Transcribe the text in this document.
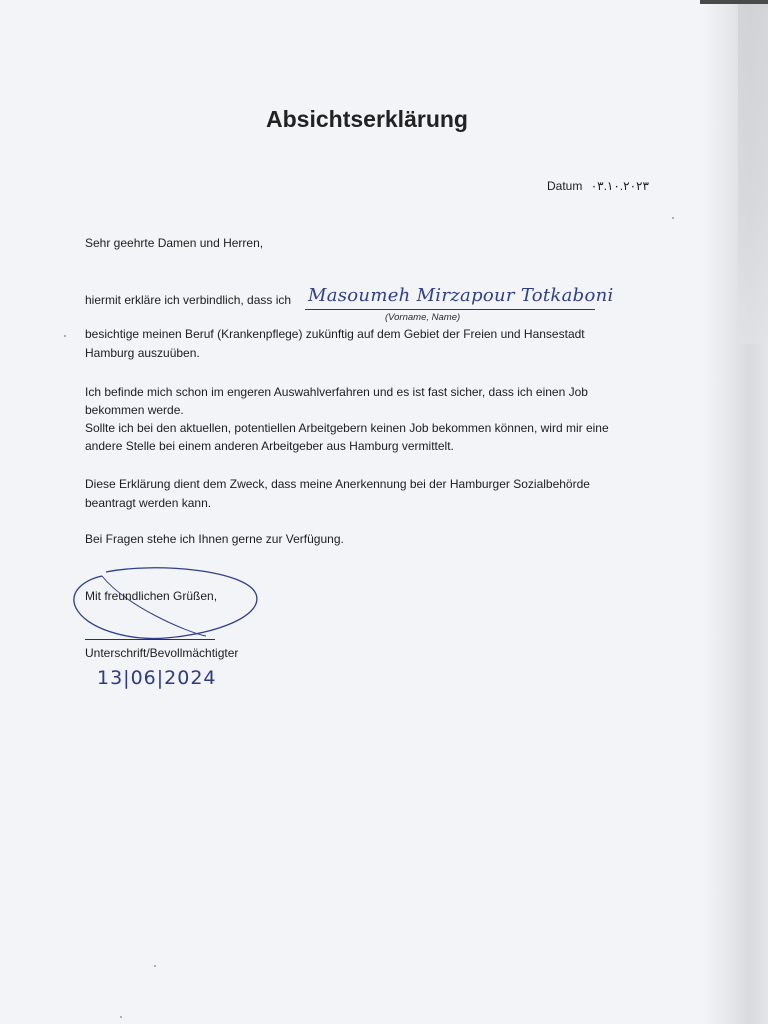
Absichtserklärung
Datum ٠٣.١٠.٢٠٢٣
Sehr geehrte Damen und Herren,
hiermit erkläre ich verbindlich, dass ich Masoumeh Mirzapour Totkaboni
(Vorname, Name)
besichtige meinen Beruf (Krankenpflege) zukünftig auf dem Gebiet der Freien und Hansestadt
Hamburg auszuüben.
Ich befinde mich schon im engeren Auswahlverfahren und es ist fast sicher, dass ich einen Job
bekommen werde.
Sollte ich bei den aktuellen, potentiellen Arbeitgebern keinen Job bekommen können, wird mir eine
andere Stelle bei einem anderen Arbeitgeber aus Hamburg vermittelt.
Diese Erklärung dient dem Zweck, dass meine Anerkennung bei der Hamburger Sozialbehörde
beantragt werden kann.
Bei Fragen stehe ich Ihnen gerne zur Verfügung.
Mit freundlichen Grüßen,
Unterschrift/Bevollmächtigter
13|06|2024
